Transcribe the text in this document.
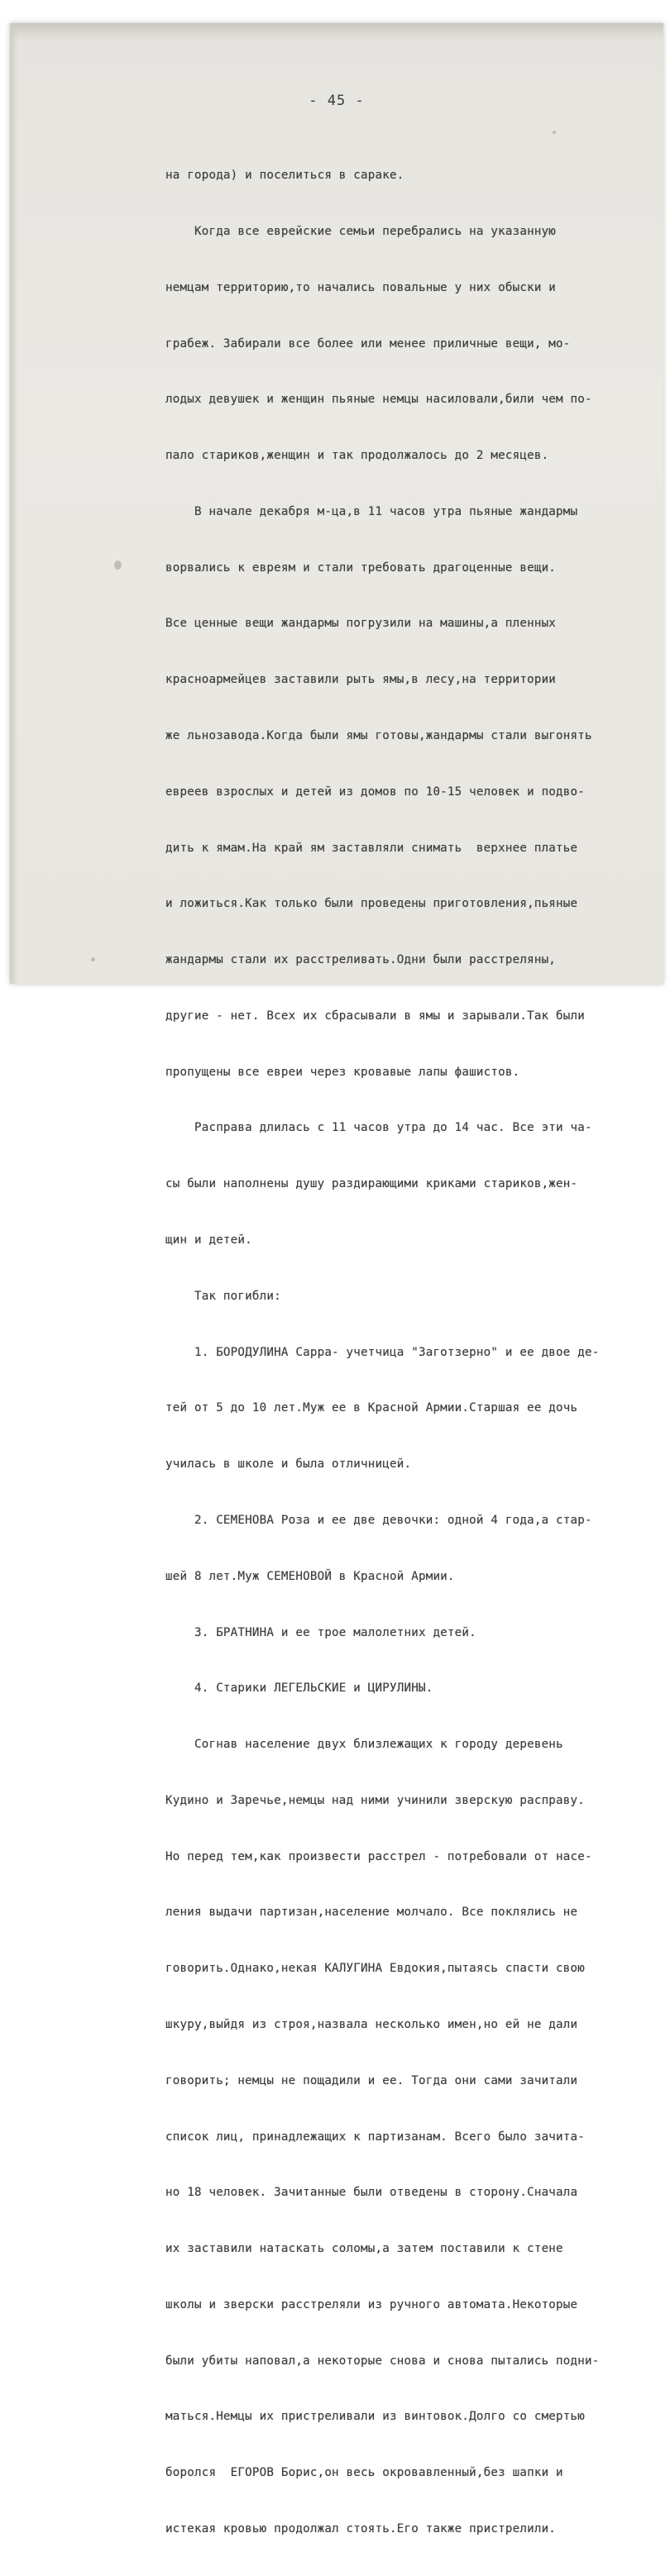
- 45 -

на города) и поселиться в сараке.

Когда все еврейские семьи перебрались на указанную

немцам территорию,то начались повальные у них обыски и

грабеж. Забирали все более или менее приличные вещи, мо-

лодых девушек и женщин пьяные немцы насиловали,били чем по-

пало стариков,женщин и так продолжалось до 2 месяцев.

В начале декабря м-ца,в 11 часов утра пьяные жандармы

ворвались к евреям и стали требовать драгоценные вещи.

Все ценные вещи жандармы погрузили на машины,а пленных

красноармейцев заставили рыть ямы,в лесу,на территории

же льнозавода.Когда были ямы готовы,жандармы стали выгонять

евреев взрослых и детей из домов по 10-15 человек и подво-

дить к ямам.На край ям заставляли снимать  верхнее платье

и ложиться.Как только были проведены приготовления,пьяные

жандармы стали их расстреливать.Одни были расстреляны,

другие - нет. Всех их сбрасывали в ямы и зарывали.Так были

пропущены все евреи через кровавые лапы фашистов.

Расправа длилась с 11 часов утра до 14 час. Все эти ча-

сы были наполнены душу раздирающими криками стариков,жен-

щин и детей.

Так погибли:

1. БОРОДУЛИНА Сарра- учетчица "Заготзерно" и ее двое де-

тей от 5 до 10 лет.Муж ее в Красной Армии.Старшая ее дочь

училась в школе и была отличницей.

2. СЕМЕНОВА Роза и ее две девочки: одной 4 года,а стар-

шей 8 лет.Муж СЕМЕНОВОЙ в Красной Армии.

3. БРАТНИНА и ее трое малолетних детей.

4. Старики ЛЕГЕЛЬСКИЕ и ЦИРУЛИНЫ.

Согнав население двух близлежащих к городу деревень

Кудино и Заречье,немцы над ними учинили зверскую расправу.

Но перед тем,как произвести расстрел - потребовали от насе-

ления выдачи партизан,население молчало. Все поклялись не

говорить.Однако,некая КАЛУГИНА Евдокия,пытаясь спасти свою

шкуру,выйдя из строя,назвала несколько имен,но ей не дали

говорить; немцы не пощадили и ее. Тогда они сами зачитали

список лиц, принадлежащих к партизанам. Всего было зачита-

но 18 человек. Зачитанные были отведены в сторону.Сначала

их заставили натаскать соломы,а затем поставили к стене

школы и зверски расстреляли из ручного автомата.Некоторые

были убиты наповал,а некоторые снова и снова пытались подни-

маться.Немцы их пристреливали из винтовок.Долго со смертью

боролся  ЕГОРОВ Борис,он весь окровавленный,без шапки и

истекая кровью продолжал стоять.Его также пристрелили.
